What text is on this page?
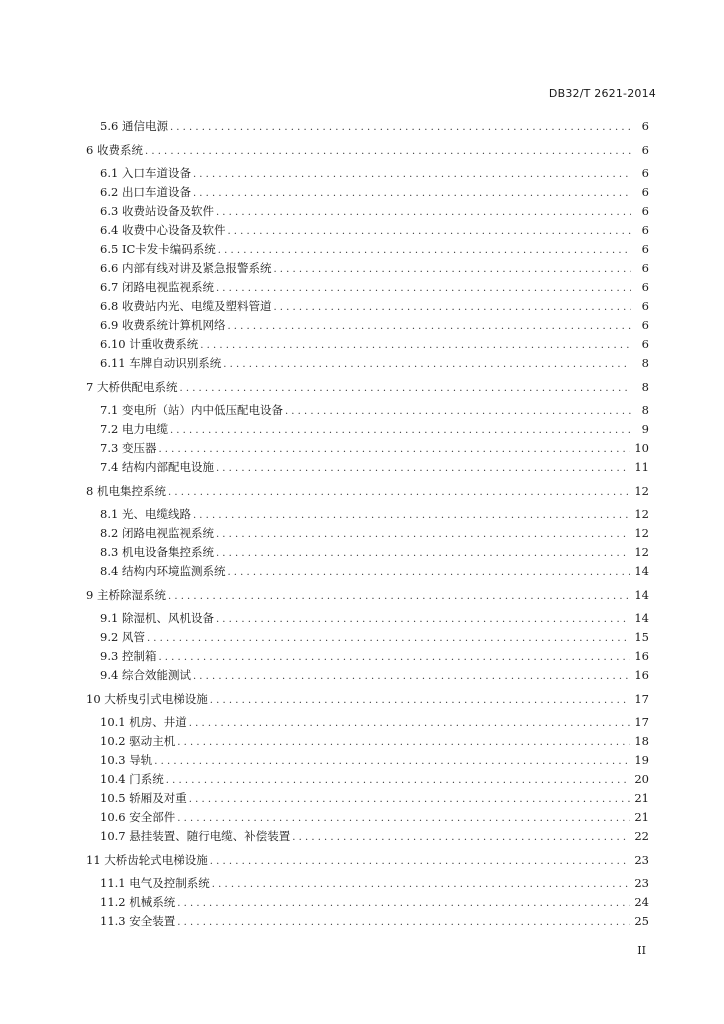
DB32/T 2621-2014
5.6 通信电源 . . .	6
6 收费系统 . . .	6
6.1 入口车道设备 . . .	6
6.2 出口车道设备 . . .	6
6.3 收费站设备及软件 . . .	6
6.4 收费中心设备及软件 . . .	6
6.5 IC卡发卡编码系统 . . .	6
6.6 内部有线对讲及紧急报警系统 . . .	6
6.7 闭路电视监视系统 . . .	6
6.8 收费站内光、电缆及塑料管道 . . .	6
6.9 收费系统计算机网络 . . .	6
6.10 计重收费系统 . . .	6
6.11 车牌自动识别系统 . . .	8
7 大桥供配电系统 . . .	8
7.1 变电所（站）内中低压配电设备 . . .	8
7.2 电力电缆 . . .	9
7.3 变压器 . . .	10
7.4 结构内部配电设施 . . .	11
8 机电集控系统 . . .	12
8.1 光、电缆线路 . . .	12
8.2 闭路电视监视系统 . . .	12
8.3 机电设备集控系统 . . .	12
8.4 结构内环境监测系统 . . .	14
9 主桥除湿系统 . . .	14
9.1 除湿机、风机设备 . . .	14
9.2 风管 . . .	15
9.3 控制箱 . . .	16
9.4 综合效能测试 . . .	16
10 大桥曳引式电梯设施 . . .	17
10.1 机房、井道 . . .	17
10.2 驱动主机 . . .	18
10.3 导轨 . . .	19
10.4 门系统 . . .	20
10.5 轿厢及对重 . . .	21
10.6 安全部件 . . .	21
10.7 悬挂装置、随行电缆、补偿装置 . . .	22
11 大桥齿轮式电梯设施 . . .	23
11.1 电气及控制系统 . . .	23
11.2 机械系统 . . .	24
11.3 安全装置 . . .	25
II
